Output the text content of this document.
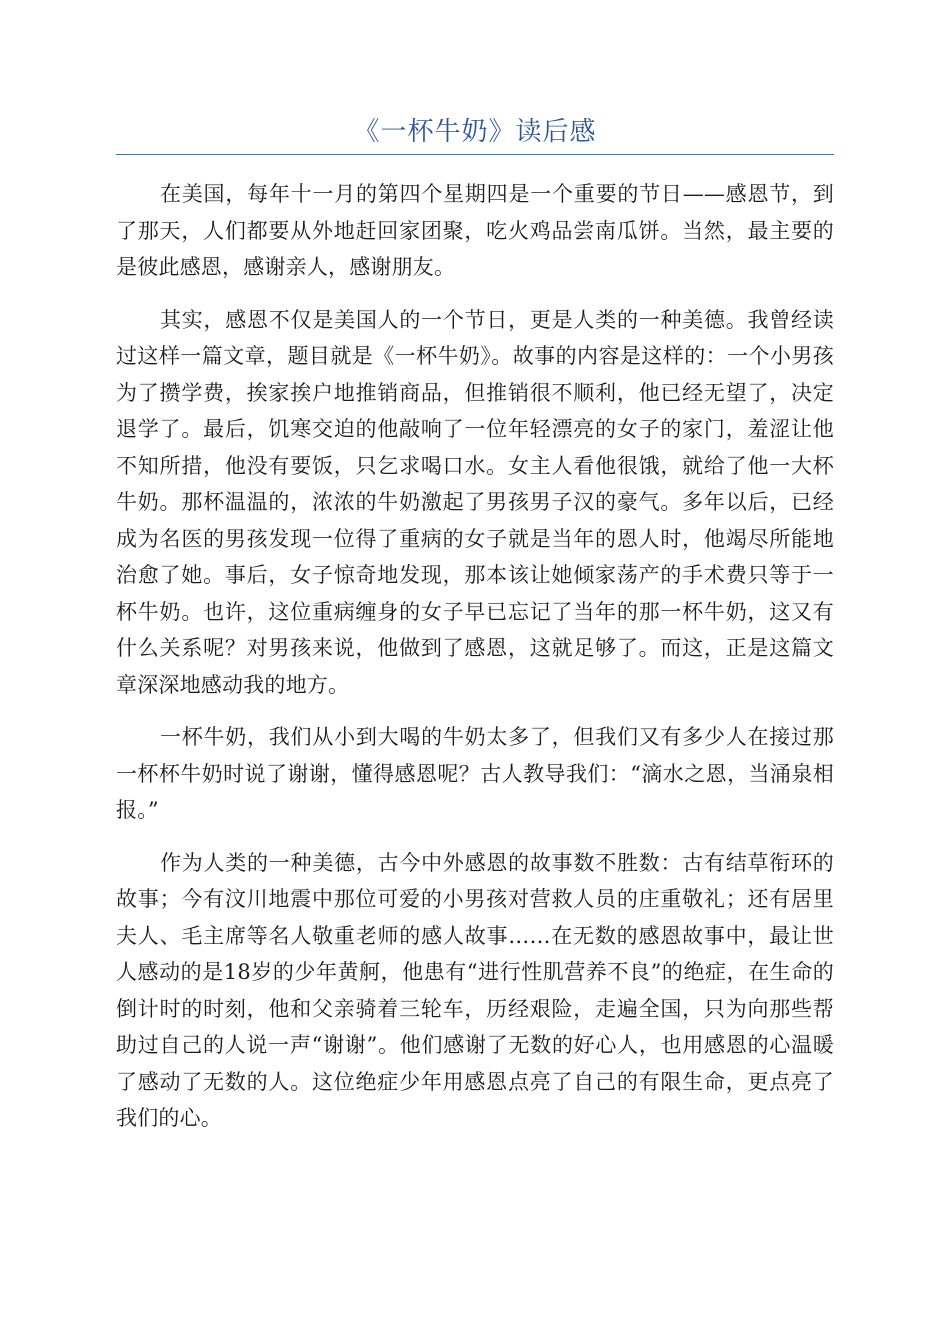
《一杯牛奶》读后感

在美国，每年十一月的第四个星期四是一个重要的节日——感恩节，到了那天，人们都要从外地赶回家团聚，吃火鸡品尝南瓜饼。当然，最主要的是彼此感恩，感谢亲人，感谢朋友。

其实，感恩不仅是美国人的一个节日，更是人类的一种美德。我曾经读过这样一篇文章，题目就是《一杯牛奶》。故事的内容是这样的：一个小男孩为了攒学费，挨家挨户地推销商品，但推销很不顺利，他已经无望了，决定退学了。最后，饥寒交迫的他敲响了一位年轻漂亮的女子的家门，羞涩让他不知所措，他没有要饭，只乞求喝口水。女主人看他很饿，就给了他一大杯牛奶。那杯温温的，浓浓的牛奶激起了男孩男子汉的豪气。多年以后，已经成为名医的男孩发现一位得了重病的女子就是当年的恩人时，他竭尽所能地治愈了她。事后，女子惊奇地发现，那本该让她倾家荡产的手术费只等于一杯牛奶。也许，这位重病缠身的女子早已忘记了当年的那一杯牛奶，这又有什么关系呢？对男孩来说，他做到了感恩，这就足够了。而这，正是这篇文章深深地感动我的地方。

一杯牛奶，我们从小到大喝的牛奶太多了，但我们又有多少人在接过那一杯杯牛奶时说了谢谢，懂得感恩呢？古人教导我们：“滴水之恩，当涌泉相报。”

作为人类的一种美德，古今中外感恩的故事数不胜数：古有结草衔环的故事；今有汶川地震中那位可爱的小男孩对营救人员的庄重敬礼；还有居里夫人、毛主席等名人敬重老师的感人故事……在无数的感恩故事中，最让世人感动的是18岁的少年黄舸，他患有“进行性肌营养不良”的绝症，在生命的倒计时的时刻，他和父亲骑着三轮车，历经艰险，走遍全国，只为向那些帮助过自己的人说一声“谢谢”。他们感谢了无数的好心人，也用感恩的心温暖了感动了无数的人。这位绝症少年用感恩点亮了自己的有限生命，更点亮了我们的心。
